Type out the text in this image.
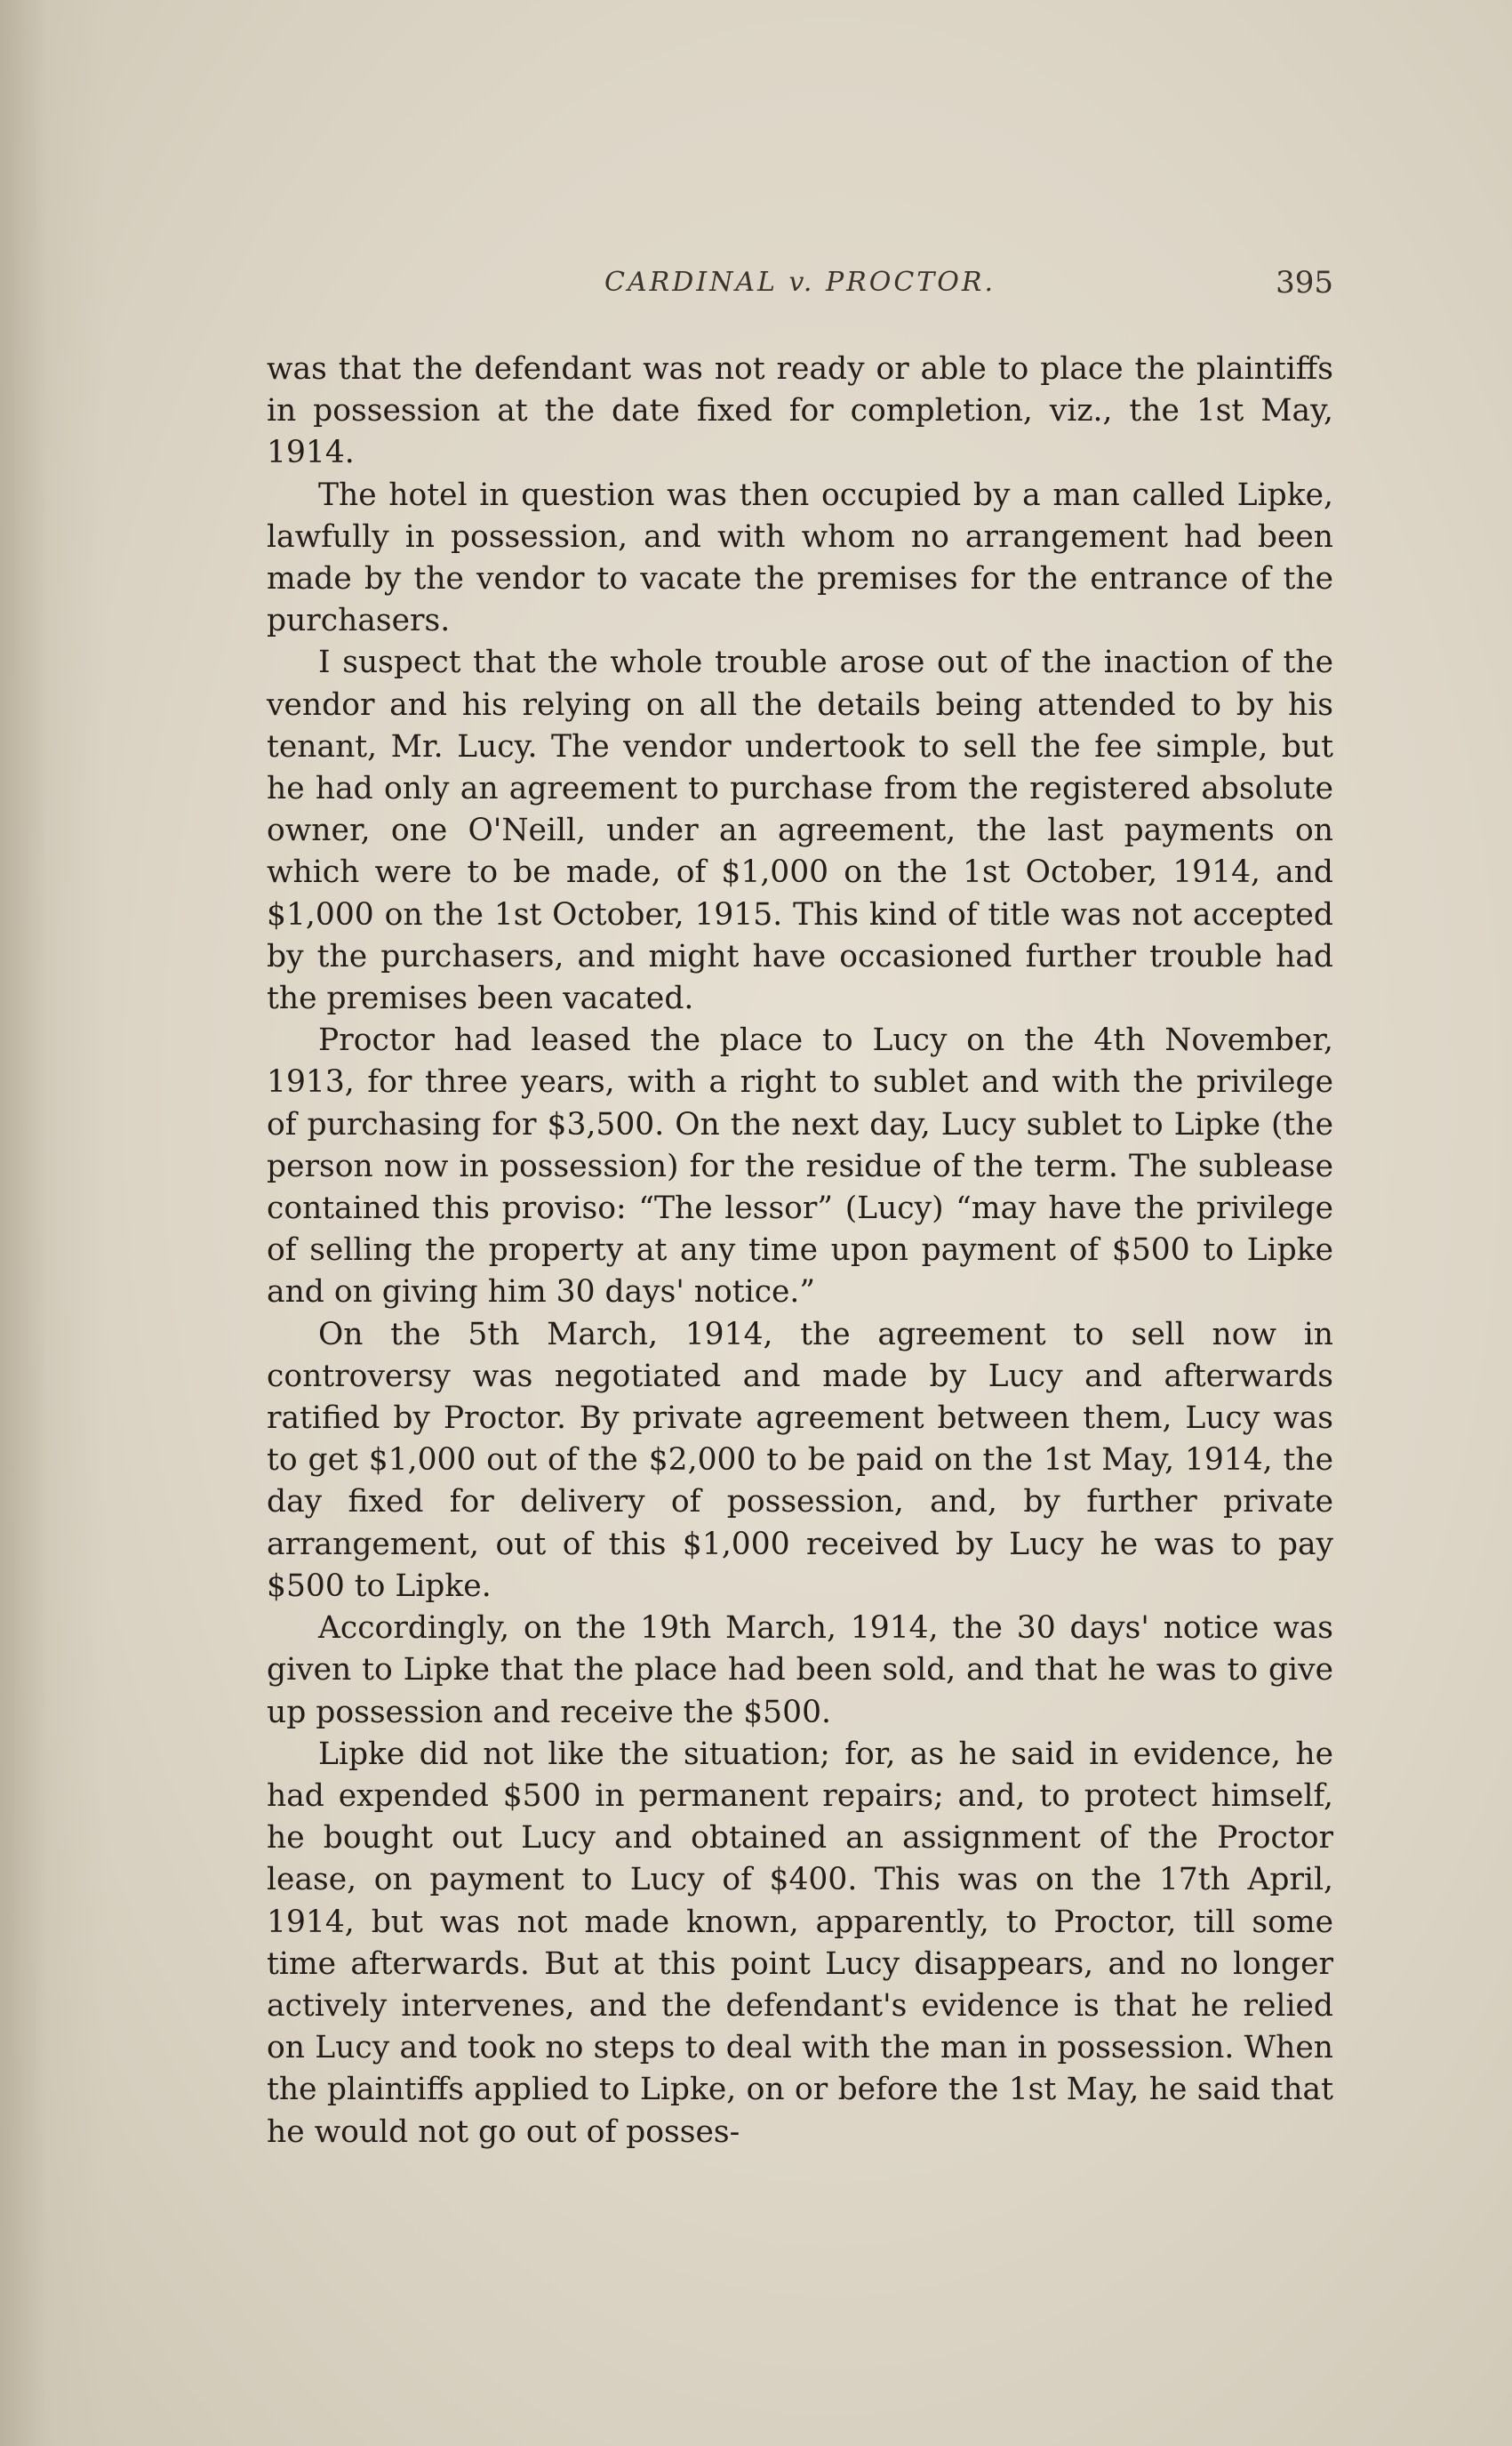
CARDINAL v. PROCTOR.	395

was that the defendant was not ready or able to place the plaintiffs in possession at the date fixed for completion, viz., the 1st May, 1914.

The hotel in question was then occupied by a man called Lipke, lawfully in possession, and with whom no arrangement had been made by the vendor to vacate the premises for the entrance of the purchasers.

I suspect that the whole trouble arose out of the inaction of the vendor and his relying on all the details being attended to by his tenant, Mr. Lucy. The vendor undertook to sell the fee simple, but he had only an agreement to purchase from the registered absolute owner, one O'Neill, under an agreement, the last payments on which were to be made, of $1,000 on the 1st October, 1914, and $1,000 on the 1st October, 1915. This kind of title was not accepted by the purchasers, and might have occasioned further trouble had the premises been vacated.

Proctor had leased the place to Lucy on the 4th November, 1913, for three years, with a right to sublet and with the privilege of purchasing for $3,500. On the next day, Lucy sublet to Lipke (the person now in possession) for the residue of the term. The sublease contained this proviso: “The lessor” (Lucy) “may have the privilege of selling the property at any time upon payment of $500 to Lipke and on giving him 30 days' notice.”

On the 5th March, 1914, the agreement to sell now in controversy was negotiated and made by Lucy and afterwards ratified by Proctor. By private agreement between them, Lucy was to get $1,000 out of the $2,000 to be paid on the 1st May, 1914, the day fixed for delivery of possession, and, by further private arrangement, out of this $1,000 received by Lucy he was to pay $500 to Lipke.

Accordingly, on the 19th March, 1914, the 30 days' notice was given to Lipke that the place had been sold, and that he was to give up possession and receive the $500.

Lipke did not like the situation; for, as he said in evidence, he had expended $500 in permanent repairs; and, to protect himself, he bought out Lucy and obtained an assignment of the Proctor lease, on payment to Lucy of $400. This was on the 17th April, 1914, but was not made known, apparently, to Proctor, till some time afterwards. But at this point Lucy disappears, and no longer actively intervenes, and the defendant's evidence is that he relied on Lucy and took no steps to deal with the man in possession. When the plaintiffs applied to Lipke, on or before the 1st May, he said that he would not go out of posses-
